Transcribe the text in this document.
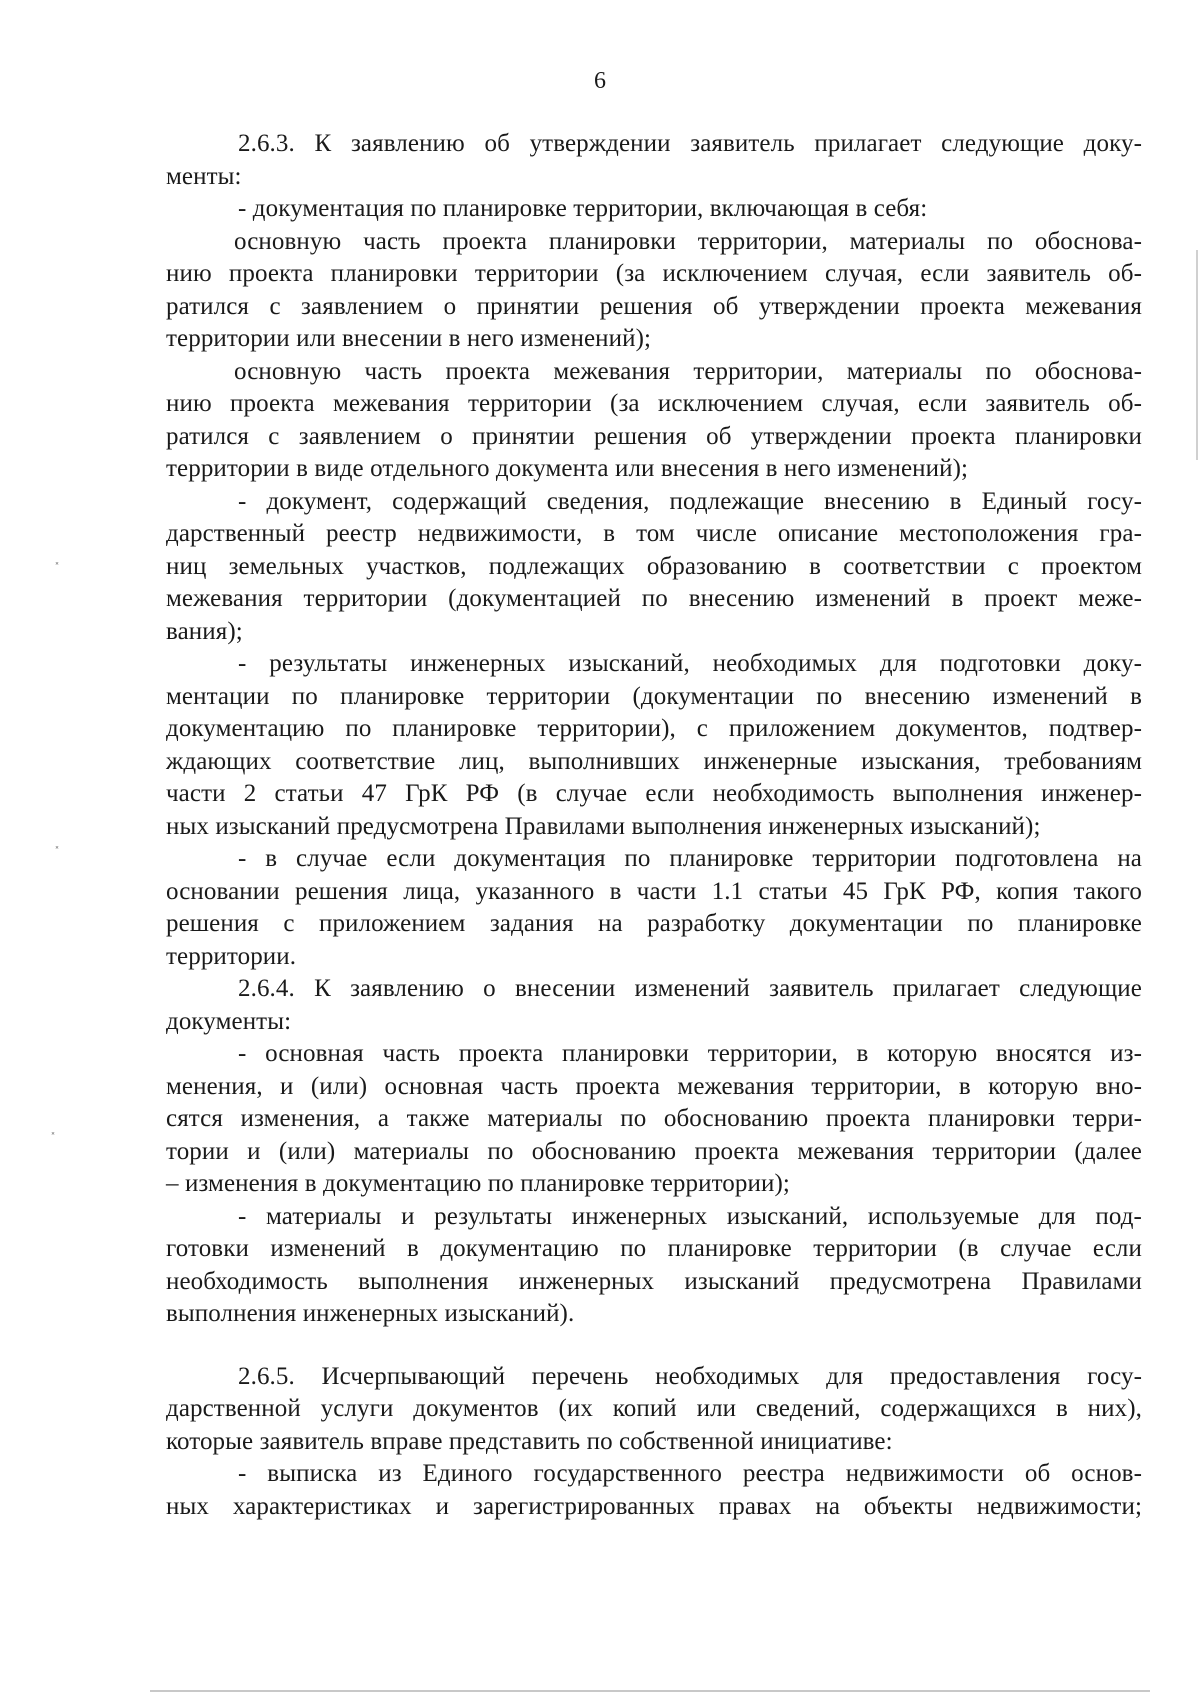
6
2.6.3. К заявлению об утверждении заявитель прилагает следующие доку-
менты:
- документация по планировке территории, включающая в себя:
основную часть проекта планировки территории, материалы по обоснова-
нию проекта планировки территории (за исключением случая, если заявитель об-
ратился с заявлением о принятии решения об утверждении проекта межевания
территории или внесении в него изменений);
основную часть проекта межевания территории, материалы по обоснова-
нию проекта межевания территории (за исключением случая, если заявитель об-
ратился с заявлением о принятии решения об утверждении проекта планировки
территории в виде отдельного документа или внесения в него изменений);
- документ, содержащий сведения, подлежащие внесению в Единый госу-
дарственный реестр недвижимости, в том числе описание местоположения гра-
ниц земельных участков, подлежащих образованию в соответствии с проектом
межевания территории (документацией по внесению изменений в проект меже-
вания);
- результаты инженерных изысканий, необходимых для подготовки доку-
ментации по планировке территории (документации по внесению изменений в
документацию по планировке территории), с приложением документов, подтвер-
ждающих соответствие лиц, выполнивших инженерные изыскания, требованиям
части 2 статьи 47 ГрК РФ (в случае если необходимость выполнения инженер-
ных изысканий предусмотрена Правилами выполнения инженерных изысканий);
- в случае если документация по планировке территории подготовлена на
основании решения лица, указанного в части 1.1 статьи 45 ГрК РФ, копия такого
решения с приложением задания на разработку документации по планировке
территории.
2.6.4. К заявлению о внесении изменений заявитель прилагает следующие
документы:
- основная часть проекта планировки территории, в которую вносятся из-
менения, и (или) основная часть проекта межевания территории, в которую вно-
сятся изменения, а также материалы по обоснованию проекта планировки терри-
тории и (или) материалы по обоснованию проекта межевания территории (далее
– изменения в документацию по планировке территории);
- материалы и результаты инженерных изысканий, используемые для под-
готовки изменений в документацию по планировке территории (в случае если
необходимость выполнения инженерных изысканий предусмотрена Правилами
выполнения инженерных изысканий).
2.6.5. Исчерпывающий перечень необходимых для предоставления госу-
дарственной услуги документов (их копий или сведений, содержащихся в них),
которые заявитель вправе представить по собственной инициативе:
- выписка из Единого государственного реестра недвижимости об основ-
ных характеристиках и зарегистрированных правах на объекты недвижимости;
˟
˟
˟
